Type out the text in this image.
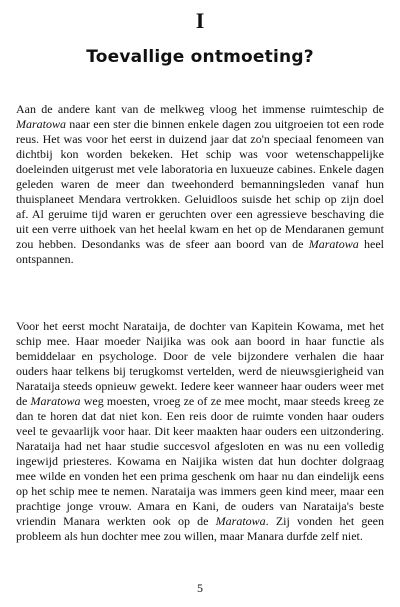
I
Toevallige ontmoeting?

Aan de andere kant van de melkweg vloog het immense ruimteschip de Maratowa naar een ster die binnen enkele dagen zou uitgroeien tot een rode reus. Het was voor het eerst in duizend jaar dat zo'n speciaal fenomeen van dichtbij kon worden bekeken. Het schip was voor wetenschappelijke doeleinden uitgerust met vele laboratoria en luxueuze cabines. Enkele dagen geleden waren de meer dan tweehonderd bemanningsleden vanaf hun thuisplaneet Mendara vertrokken. Geluidloos suisde het schip op zijn doel af. Al geruime tijd waren er geruchten over een agressieve beschaving die uit een verre uithoek van het heelal kwam en het op de Mendaranen gemunt zou hebben. Desondanks was de sfeer aan boord van de Maratowa heel ontspannen.

Voor het eerst mocht Narataija, de dochter van Kapitein Kowama, met het schip mee. Haar moeder Naijika was ook aan boord in haar functie als bemiddelaar en psychologe. Door de vele bijzondere verhalen die haar ouders haar telkens bij terugkomst vertelden, werd de nieuwsgierigheid van Narataija steeds opnieuw gewekt. Iedere keer wanneer haar ouders weer met de Maratowa weg moesten, vroeg ze of ze mee mocht, maar steeds kreeg ze dan te horen dat dat niet kon. Een reis door de ruimte vonden haar ouders veel te gevaarlijk voor haar. Dit keer maakten haar ouders een uitzondering. Narataija had net haar studie succesvol afgesloten en was nu een volledig ingewijd priesteres. Kowama en Naijika wisten dat hun dochter dolgraag mee wilde en vonden het een prima geschenk om haar nu dan eindelijk eens op het schip mee te nemen. Narataija was immers geen kind meer, maar een prachtige jonge vrouw. Amara en Kani, de ouders van Narataija's beste vriendin Manara werkten ook op de Maratowa. Zij vonden het geen probleem als hun dochter mee zou willen, maar Manara durfde zelf niet.

5
